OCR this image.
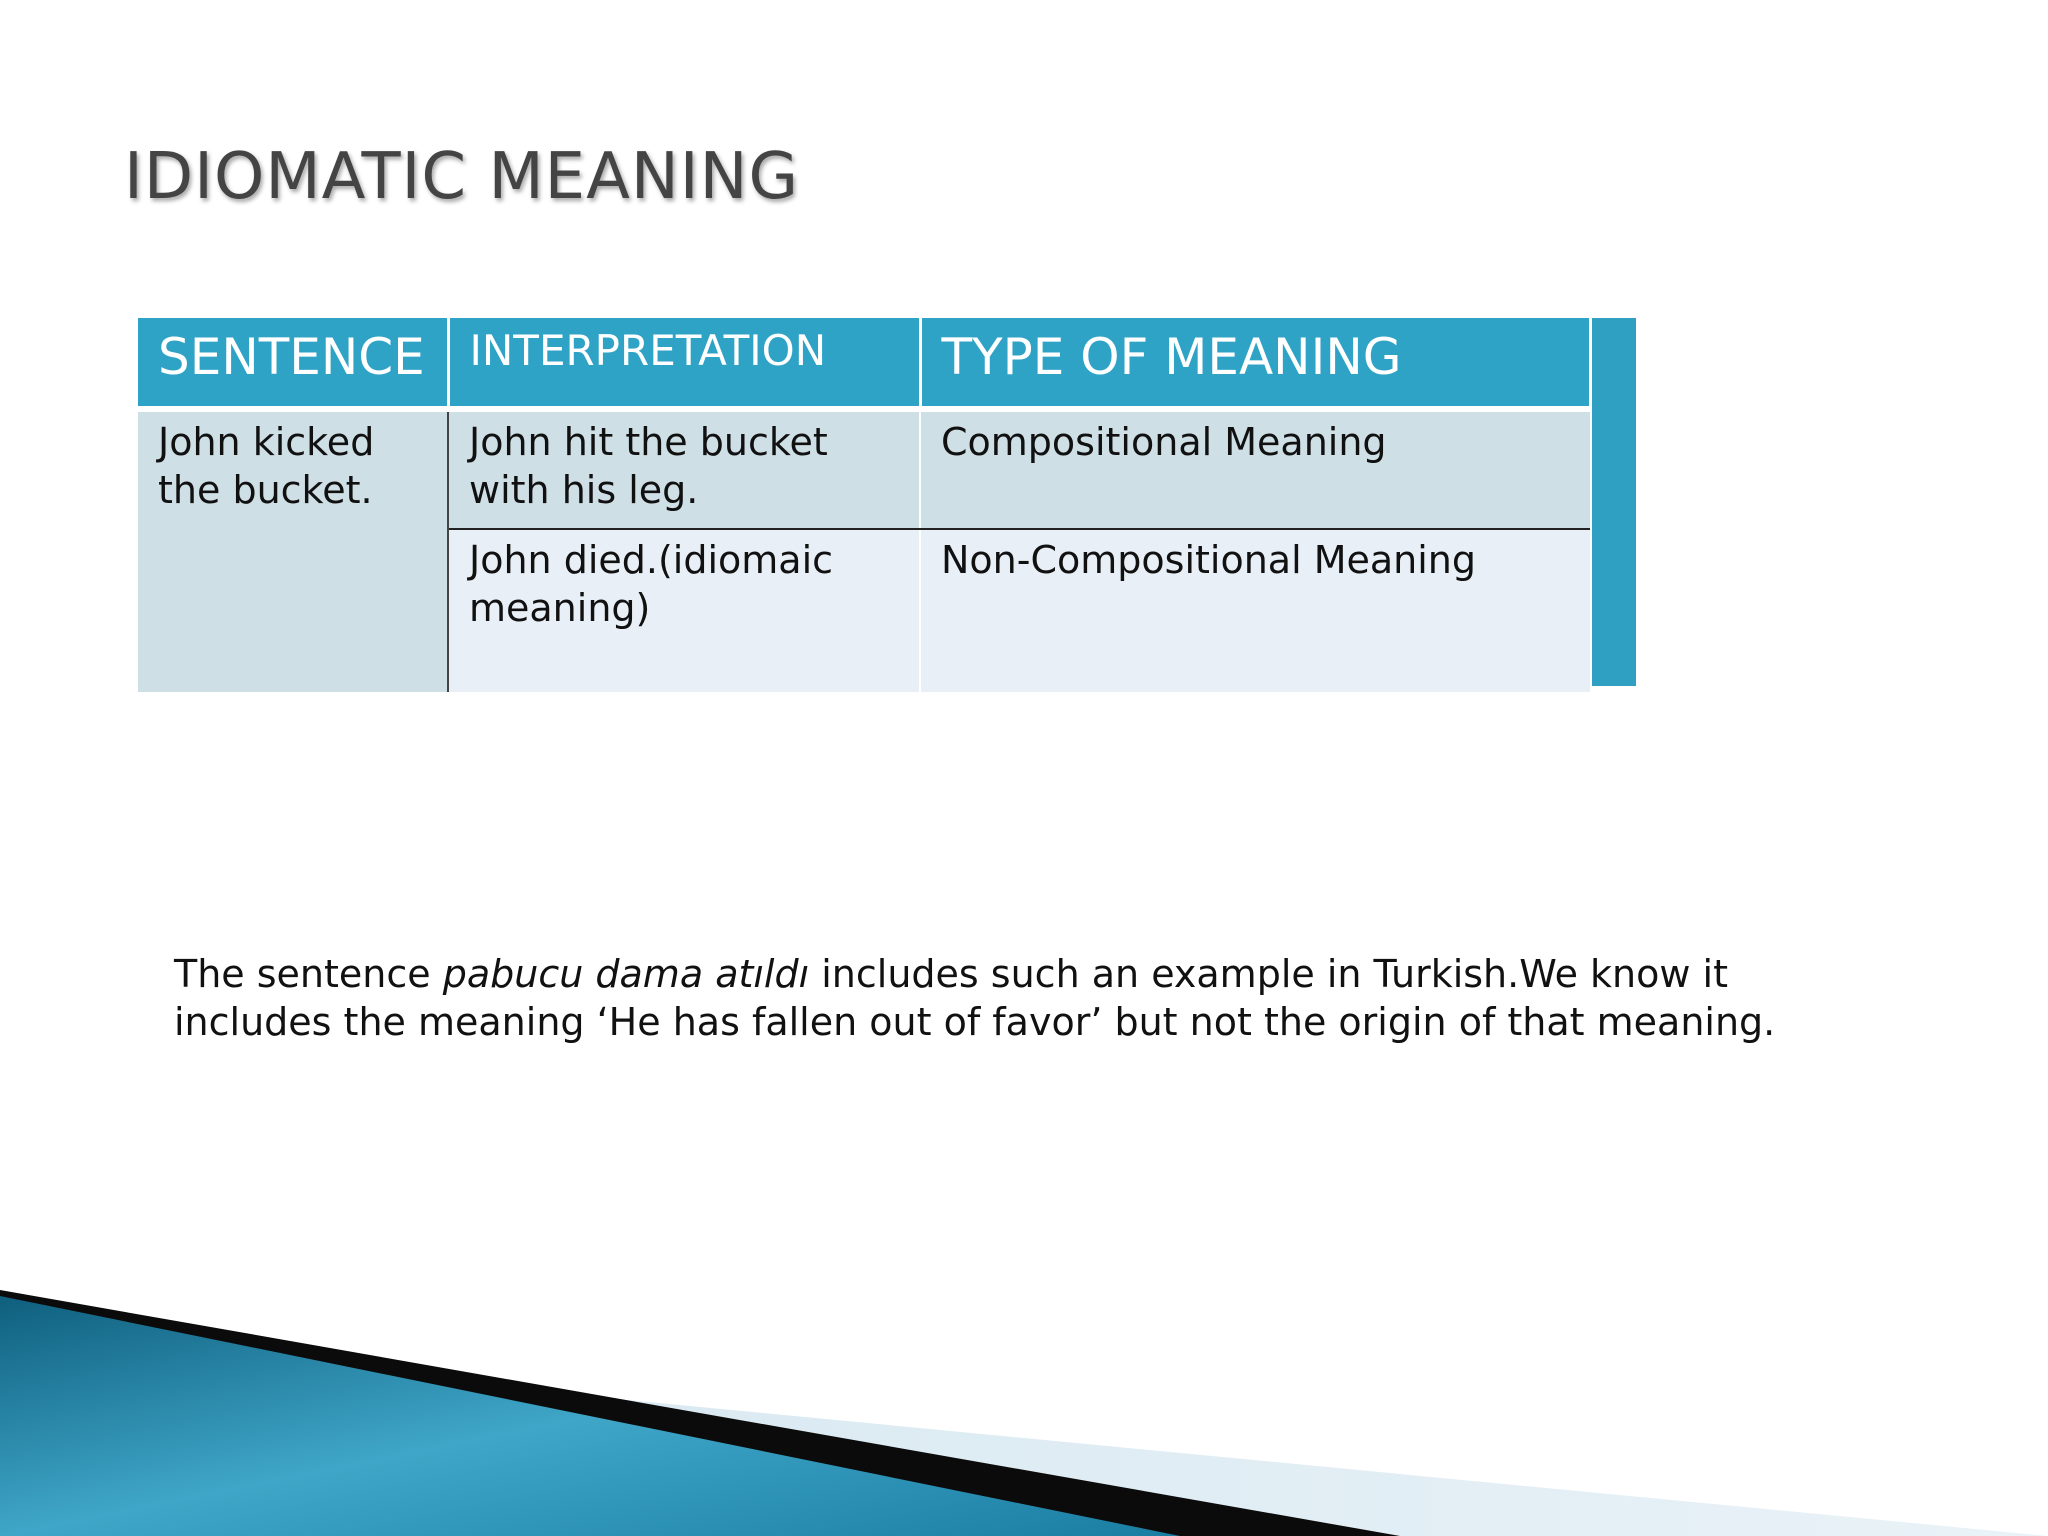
IDIOMATIC MEANING
SENTENCE	INTERPRETATION	TYPE OF MEANING
John kicked the bucket.	John hit the bucket with his leg.	Compositional Meaning
	John died.(idiomaic meaning)	Non-Compositional Meaning

The sentence pabucu dama atıldı includes such an example in Turkish.We know it includes the meaning ‘He has fallen out of favor’ but not the origin of that meaning.
